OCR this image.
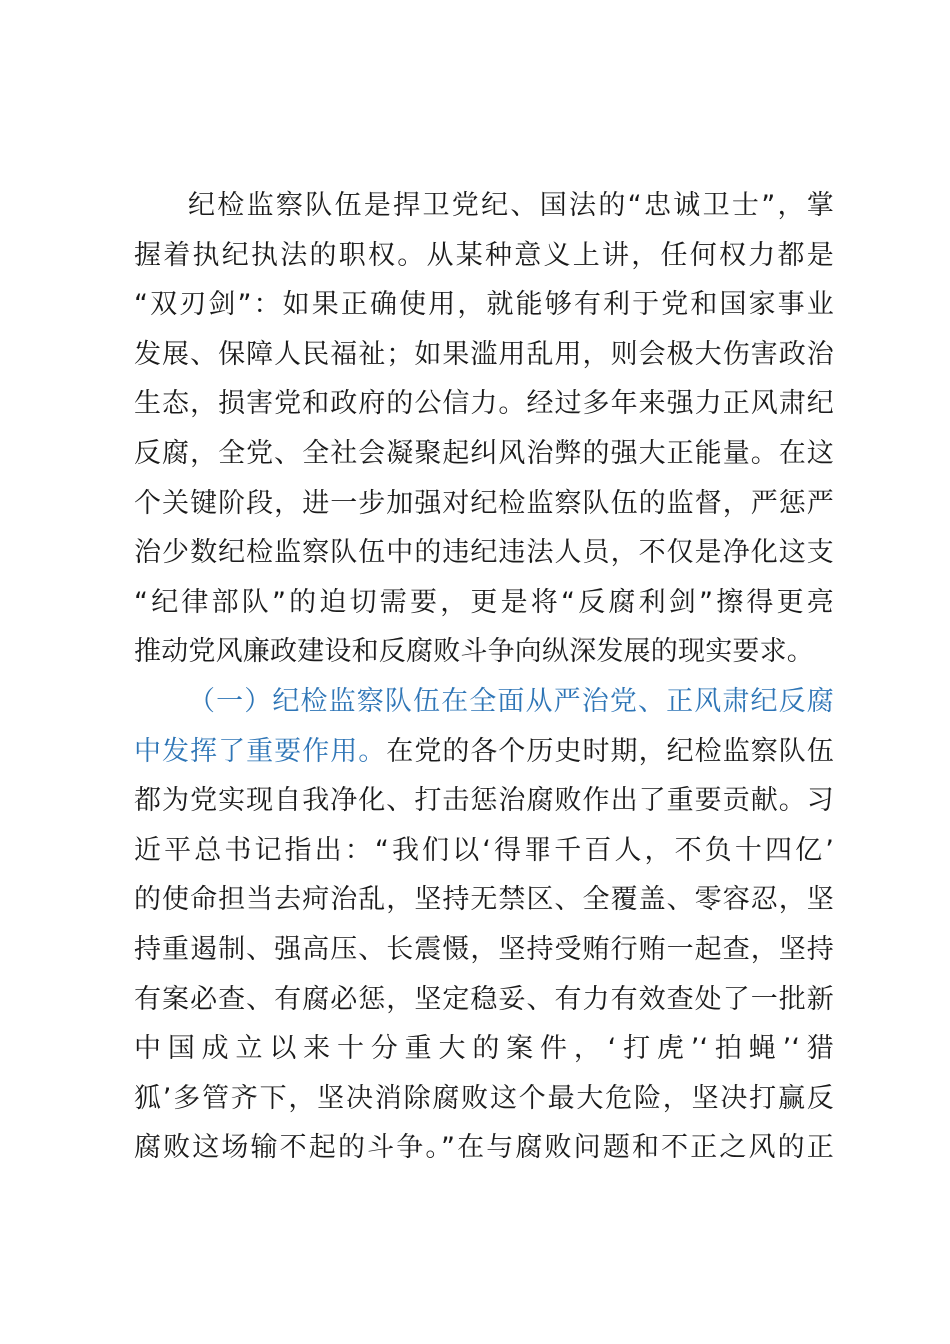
纪检监察队伍是捍卫党纪、国法的“忠诚卫士”，掌
握着执纪执法的职权。从某种意义上讲，任何权力都是
“双刃剑”：如果正确使用，就能够有利于党和国家事业
发展、保障人民福祉；如果滥用乱用，则会极大伤害政治
生态，损害党和政府的公信力。经过多年来强力正风肃纪
反腐，全党、全社会凝聚起纠风治弊的强大正能量。在这
个关键阶段，进一步加强对纪检监察队伍的监督，严惩严
治少数纪检监察队伍中的违纪违法人员，不仅是净化这支
“纪律部队”的迫切需要，更是将“反腐利剑”擦得更亮
推动党风廉政建设和反腐败斗争向纵深发展的现实要求。
（一）纪检监察队伍在全面从严治党、正风肃纪反腐
中发挥了重要作用。在党的各个历史时期，纪检监察队伍
都为党实现自我净化、打击惩治腐败作出了重要贡献。习
近平总书记指出：“我们以‘得罪千百人，不负十四亿’
的使命担当去疴治乱，坚持无禁区、全覆盖、零容忍，坚
持重遏制、强高压、长震慑，坚持受贿行贿一起查，坚持
有案必查、有腐必惩，坚定稳妥、有力有效查处了一批新
中国成立以来十分重大的案件，‘打虎’‘拍蝇’‘猎
狐’多管齐下，坚决消除腐败这个最大危险，坚决打赢反
腐败这场输不起的斗争。”在与腐败问题和不正之风的正
